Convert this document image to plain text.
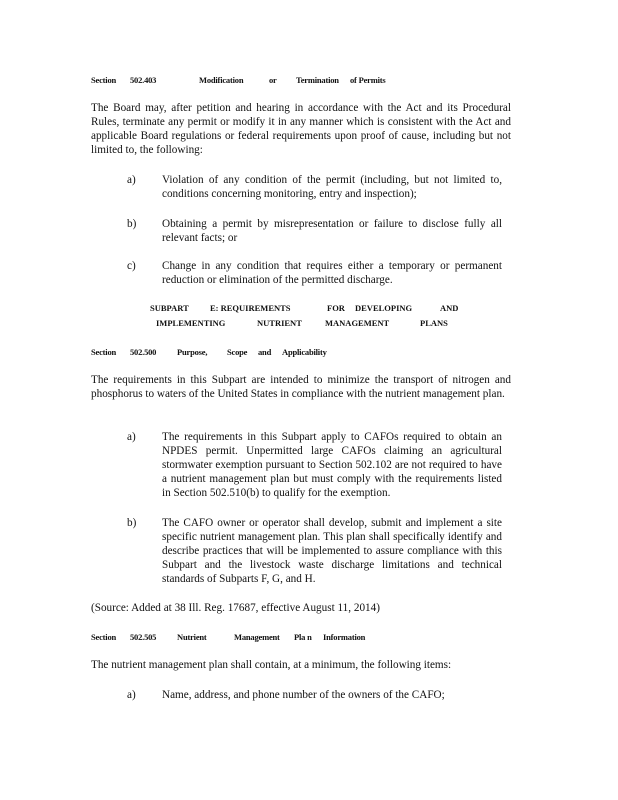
Section

502.403

	Modification

	or

Termination

of Permits

The Board may, after petition and hearing in accordance with the Act and its Procedural Rules, terminate any permit or modify it in any manner which is consistent with the Act and applicable Board regulations or federal requirements upon proof of cause, including but not limited to, the following:
a) Violation of any condition of the permit (including, but not limited to, conditions concerning monitoring, entry and inspection);
b) Obtaining a permit by misrepresentation or failure to disclose fully all relevant facts; or
c) Change in any condition that requires either a temporary or permanent reduction or elimination of the permitted discharge.
SUBPART	E: REQUIREMENTS	FOR DEVELOPING	AND
IMPLEMENTING	NUTRIENT	MANAGEMENT	PLANS

Section

502.500

Purpose,

Scope

and

Applicability

The requirements in this Subpart are intended to minimize the transport of nitrogen and phosphorus to waters of the United States in compliance with the nutrient management plan.
a) The requirements in this Subpart apply to CAFOs required to obtain an NPDES permit. Unpermitted large CAFOs claiming an agricultural stormwater exemption pursuant to Section 502.102 are not required to have a nutrient management plan but must comply with the requirements listed in Section 502.510(b) to qualify for the exemption.
b) The CAFO owner or operator shall develop, submit and implement a site specific nutrient management plan. This plan shall specifically identify and describe practices that will be implemented to assure compliance with this Subpart and the livestock waste discharge limitations and technical standards of Subparts F, G, and H.
(Source: Added at 38 Ill. Reg. 17687, effective August 11, 2014)

Section

502.505

Nutrient

	Management

Pla n

Information

The nutrient management plan shall contain, at a minimum, the following items:
a) Name, address, and phone number of the owners of the CAFO;
